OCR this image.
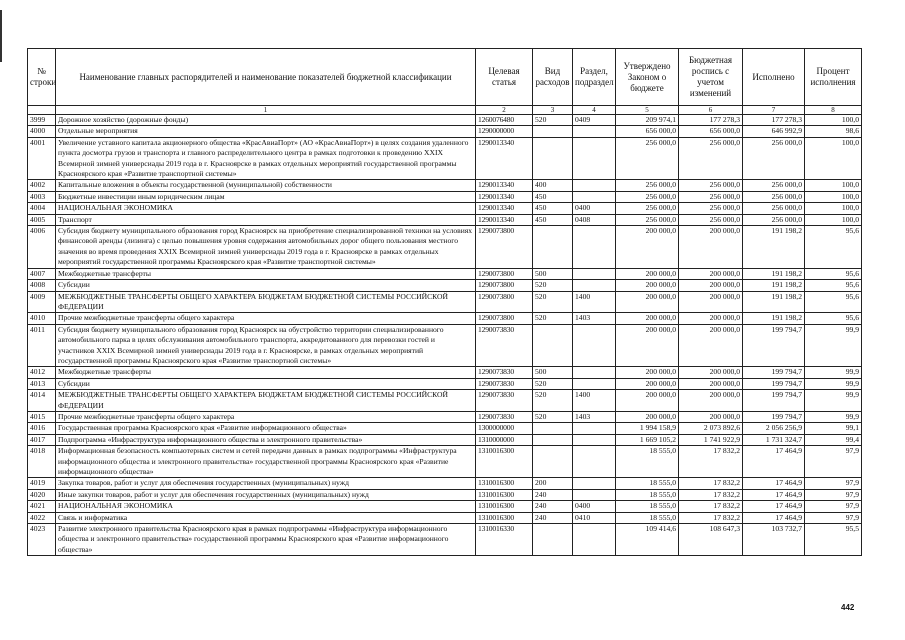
№ строки	Наименование главных распорядителей и наименование показателей бюджетной классификации	Целевая статья	Вид расходов	Раздел, подраздел	Утверждено Законом о бюджете	Бюджетная роспись с учетом изменений	Исполнено	Процент исполнения
	1	2	3	4	5	6	7	8
3999	Дорожное хозяйство (дорожные фонды)	1260076480	520	0409	209 974,1	177 278,3	177 278,3	100,0
4000	Отдельные мероприятия	1290000000			656 000,0	656 000,0	646 992,9	98,6
4001	Увеличение уставного капитала акционерного общества «КрасАвиаПорт» (АО «КрасАвиаПорт») в целях создания удаленного пункта досмотра грузов и транспорта и главного распределительного центра в рамках подготовки к проведению XXIX Всемирной зимней универсиады 2019 года в г. Красноярске в рамках отдельных мероприятий государственной программы Красноярского края «Развитие транспортной системы»	1290013340			256 000,0	256 000,0	256 000,0	100,0
4002	Капитальные вложения в объекты государственной (муниципальной) собственности	1290013340	400		256 000,0	256 000,0	256 000,0	100,0
4003	Бюджетные инвестиции иным юридическим лицам	1290013340	450		256 000,0	256 000,0	256 000,0	100,0
4004	НАЦИОНАЛЬНАЯ ЭКОНОМИКА	1290013340	450	0400	256 000,0	256 000,0	256 000,0	100,0
4005	Транспорт	1290013340	450	0408	256 000,0	256 000,0	256 000,0	100,0
4006	Субсидия бюджету муниципального образования город Красноярск на приобретение специализированной техники на условиях финансовой аренды (лизинга) с целью повышения уровня содержания автомобильных дорог общего пользования местного значения во время проведения XXIX Всемирной зимней универсиады 2019 года в г. Красноярске в рамках отдельных мероприятий государственной программы Красноярского края «Развитие транспортной системы»	1290073800			200 000,0	200 000,0	191 198,2	95,6
4007	Межбюджетные трансферты	1290073800	500		200 000,0	200 000,0	191 198,2	95,6
4008	Субсидии	1290073800	520		200 000,0	200 000,0	191 198,2	95,6
4009	МЕЖБЮДЖЕТНЫЕ ТРАНСФЕРТЫ ОБЩЕГО ХАРАКТЕРА БЮДЖЕТАМ БЮДЖЕТНОЙ СИСТЕМЫ РОССИЙСКОЙ ФЕДЕРАЦИИ	1290073800	520	1400	200 000,0	200 000,0	191 198,2	95,6
4010	Прочие межбюджетные трансферты общего характера	1290073800	520	1403	200 000,0	200 000,0	191 198,2	95,6
4011	Субсидия бюджету муниципального образования город Красноярск на обустройство территории специализированного автомобильного парка в целях обслуживания автомобильного транспорта, аккредитованного для перевозки гостей и участников XXIX Всемирной зимней универсиады 2019 года в г. Красноярске, в рамках отдельных мероприятий государственной программы Красноярского края «Развитие транспортной системы»	1290073830			200 000,0	200 000,0	199 794,7	99,9
4012	Межбюджетные трансферты	1290073830	500		200 000,0	200 000,0	199 794,7	99,9
4013	Субсидии	1290073830	520		200 000,0	200 000,0	199 794,7	99,9
4014	МЕЖБЮДЖЕТНЫЕ ТРАНСФЕРТЫ ОБЩЕГО ХАРАКТЕРА БЮДЖЕТАМ БЮДЖЕТНОЙ СИСТЕМЫ РОССИЙСКОЙ ФЕДЕРАЦИИ	1290073830	520	1400	200 000,0	200 000,0	199 794,7	99,9
4015	Прочие межбюджетные трансферты общего характера	1290073830	520	1403	200 000,0	200 000,0	199 794,7	99,9
4016	Государственная программа Красноярского края «Развитие информационного общества»	1300000000			1 994 158,9	2 073 892,6	2 056 256,9	99,1
4017	Подпрограмма «Инфраструктура информационного общества и электронного правительства»	1310000000			1 669 105,2	1 741 922,9	1 731 324,7	99,4
4018	Информационная безопасность компьютерных систем и сетей передачи данных в рамках подпрограммы «Инфраструктура информационного общества и электронного правительства» государственной программы Красноярского края «Развитие информационного общества»	1310016300			18 555,0	17 832,2	17 464,9	97,9
4019	Закупка товаров, работ и услуг для обеспечения государственных (муниципальных) нужд	1310016300	200		18 555,0	17 832,2	17 464,9	97,9
4020	Иные закупки товаров, работ и услуг для обеспечения государственных (муниципальных) нужд	1310016300	240		18 555,0	17 832,2	17 464,9	97,9
4021	НАЦИОНАЛЬНАЯ ЭКОНОМИКА	1310016300	240	0400	18 555,0	17 832,2	17 464,9	97,9
4022	Связь и информатика	1310016300	240	0410	18 555,0	17 832,2	17 464,9	97,9
4023	Развитие электронного правительства Красноярского края в рамках подпрограммы «Инфраструктура информационного общества и электронного правительства» государственной программы Красноярского края «Развитие информационного общества»	1310016330			109 414,6	108 647,3	103 732,7	95,5
442
